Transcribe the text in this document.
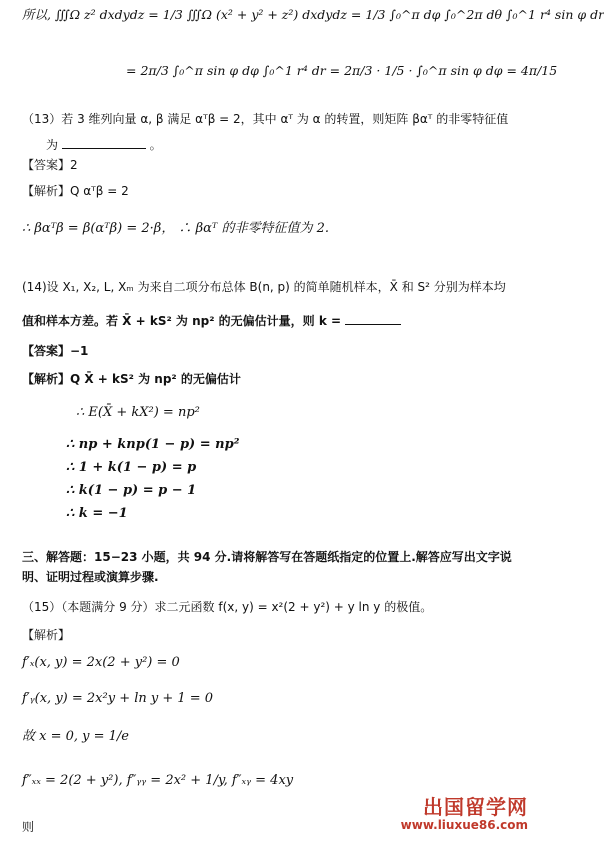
所以, ∭Ω z² dxdydz = 1/3 ∭Ω (x² + y² + z²) dxdydz = 1/3 ∫₀^π dφ ∫₀^2π dθ ∫₀^1 r⁴ sin φ dr
= 2π/3 ∫₀^π sin φ dφ ∫₀^1 r⁴ dr = 2π/3 · 1/5 · ∫₀^π sin φ dφ = 4π/15
（13）若 3 维列向量 α, β 满足 αᵀβ = 2，其中 αᵀ 为 α 的转置，则矩阵 βαᵀ 的非零特征值
为	。
【答案】2
【解析】Q αᵀβ = 2
∴ βαᵀβ = β(αᵀβ) = 2·β， ∴ βαᵀ 的非零特征值为 2.
(14)设 X₁, X₂, L, Xₘ 为来自二项分布总体 B(n, p) 的简单随机样本，X̄ 和 S² 分别为样本均
值和样本方差。若 X̄ + kS² 为 np² 的无偏估计量，则 k =
【答案】−1
【解析】Q X̄ + kS² 为 np² 的无偏估计
∴ E(X̄ + kX²) = np²
∴ np + knp(1 − p) = np²
∴ 1 + k(1 − p) = p
∴ k(1 − p) = p − 1
∴ k = −1
三、解答题：15−23 小题，共 94 分.请将解答写在答题纸指定的位置上.解答应写出文字说
明、证明过程或演算步骤.
（15）（本题满分 9 分）求二元函数 f(x, y) = x²(2 + y²) + y ln y 的极值。
【解析】
f′ₓ(x, y) = 2x(2 + y²) = 0
f′ᵧ(x, y) = 2x²y + ln y + 1 = 0
故 x = 0, y = 1/e
f″ₓₓ = 2(2 + y²), f″ᵧᵧ = 2x² + 1/y, f″ₓᵧ = 4xy
则
出国留学网
www.liuxue86.com
